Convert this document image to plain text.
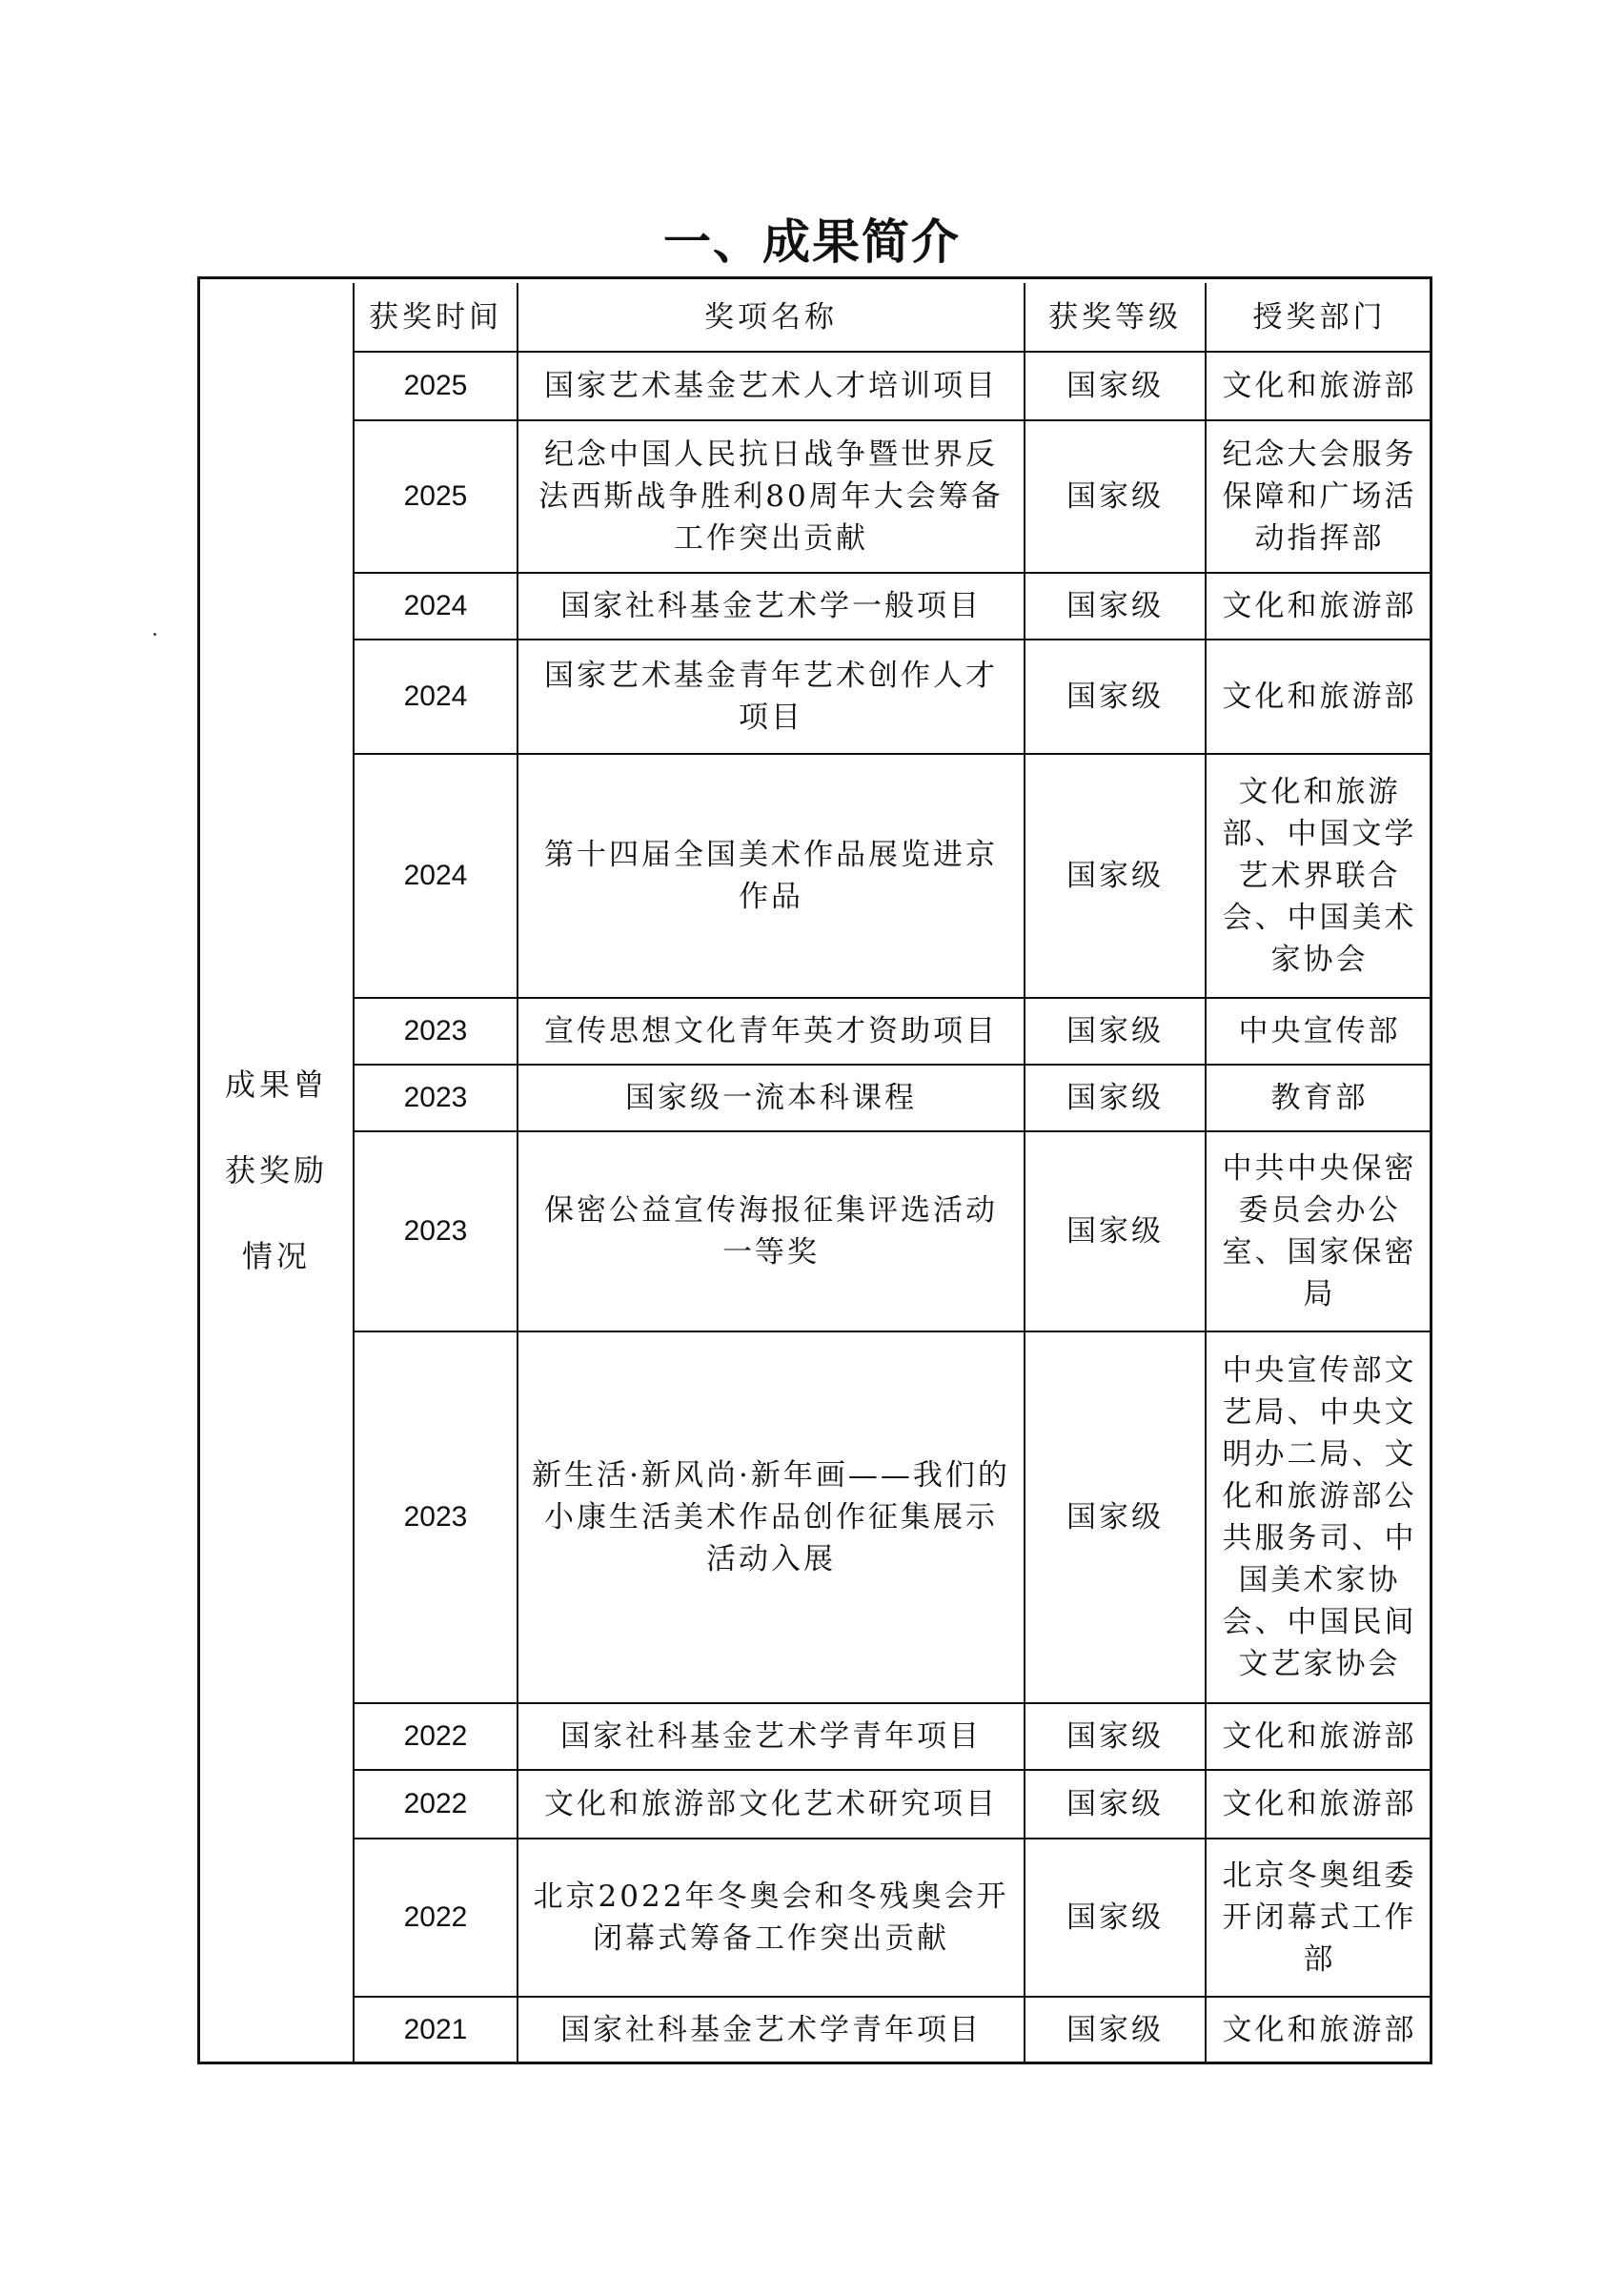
一、成果简介
成果曾
获奖励
情况
获奖时间	奖项名称	获奖等级	授奖部门
2025	国家艺术基金艺术人才培训项目	国家级	文化和旅游部
2025	纪念中国人民抗日战争暨世界反法西斯战争胜利80周年大会筹备工作突出贡献	国家级	纪念大会服务保障和广场活动指挥部
2024	国家社科基金艺术学一般项目	国家级	文化和旅游部
2024	国家艺术基金青年艺术创作人才项目	国家级	文化和旅游部
2024	第十四届全国美术作品展览进京作品	国家级	文化和旅游部、中国文学艺术界联合会、中国美术家协会
2023	宣传思想文化青年英才资助项目	国家级	中央宣传部
2023	国家级一流本科课程	国家级	教育部
2023	保密公益宣传海报征集评选活动一等奖	国家级	中共中央保密委员会办公室、国家保密局
2023	新生活·新风尚·新年画——我们的小康生活美术作品创作征集展示活动入展	国家级	中央宣传部文艺局、中央文明办二局、文化和旅游部公共服务司、中国美术家协会、中国民间文艺家协会
2022	国家社科基金艺术学青年项目	国家级	文化和旅游部
2022	文化和旅游部文化艺术研究项目	国家级	文化和旅游部
2022	北京2022年冬奥会和冬残奥会开闭幕式筹备工作突出贡献	国家级	北京冬奥组委开闭幕式工作部
2021	国家社科基金艺术学青年项目	国家级	文化和旅游部
